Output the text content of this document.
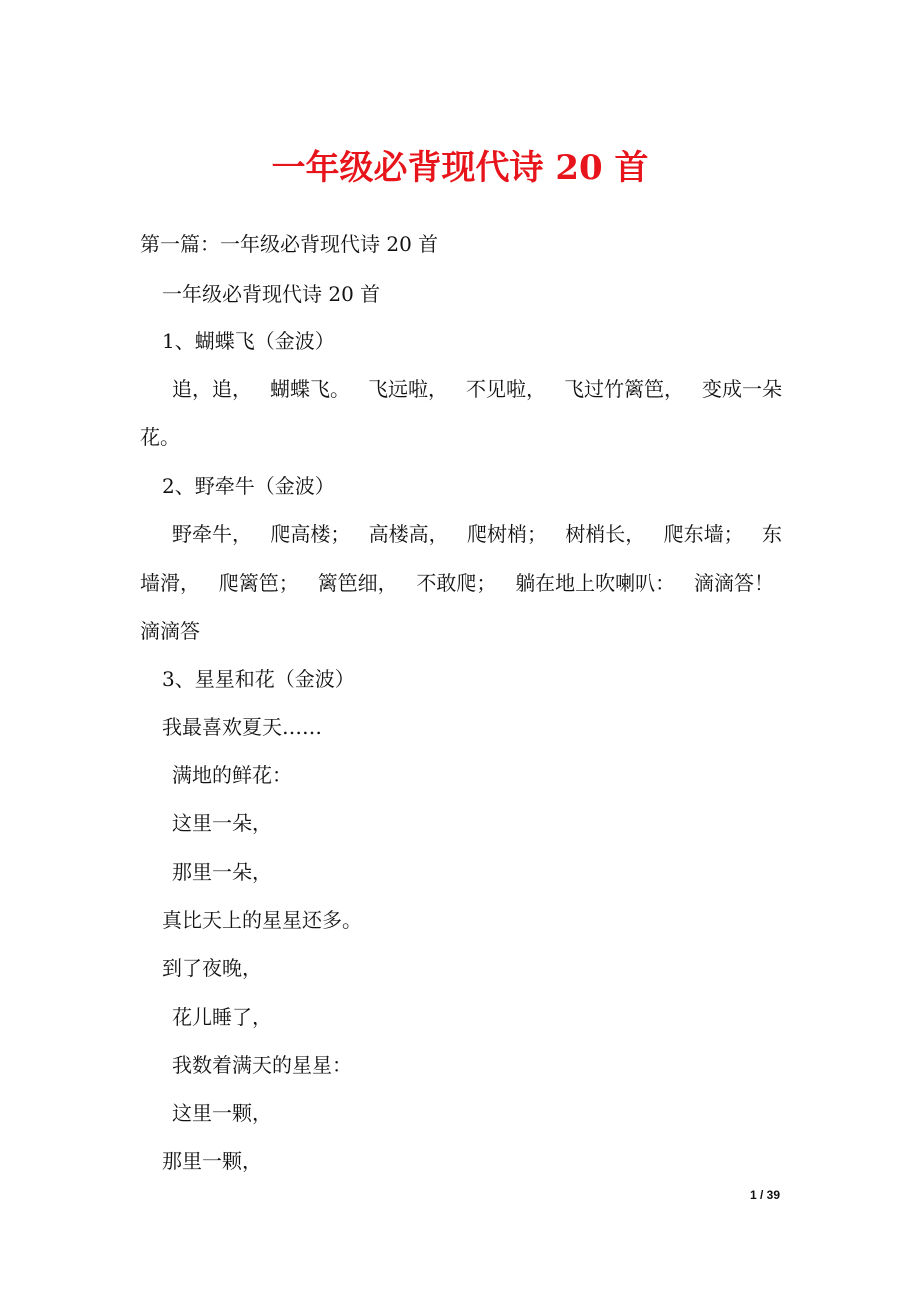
一年级必背现代诗 20 首
第一篇：一年级必背现代诗 20 首
一年级必背现代诗 20 首
1、蝴蝶飞（金波）
追，追， 蝴蝶飞。 飞远啦， 不见啦， 飞过竹篱笆， 变成一朵
花。
2、野牵牛（金波）
野牵牛， 爬高楼； 高楼高， 爬树梢； 树梢长， 爬东墙； 东
墙滑， 爬篱笆； 篱笆细， 不敢爬； 躺在地上吹喇叭： 滴滴答！
滴滴答
3、星星和花（金波）
我最喜欢夏天……
满地的鲜花：
这里一朵，
那里一朵，
真比天上的星星还多。
到了夜晚，
花儿睡了，
我数着满天的星星：
这里一颗，
那里一颗，
1 / 39
